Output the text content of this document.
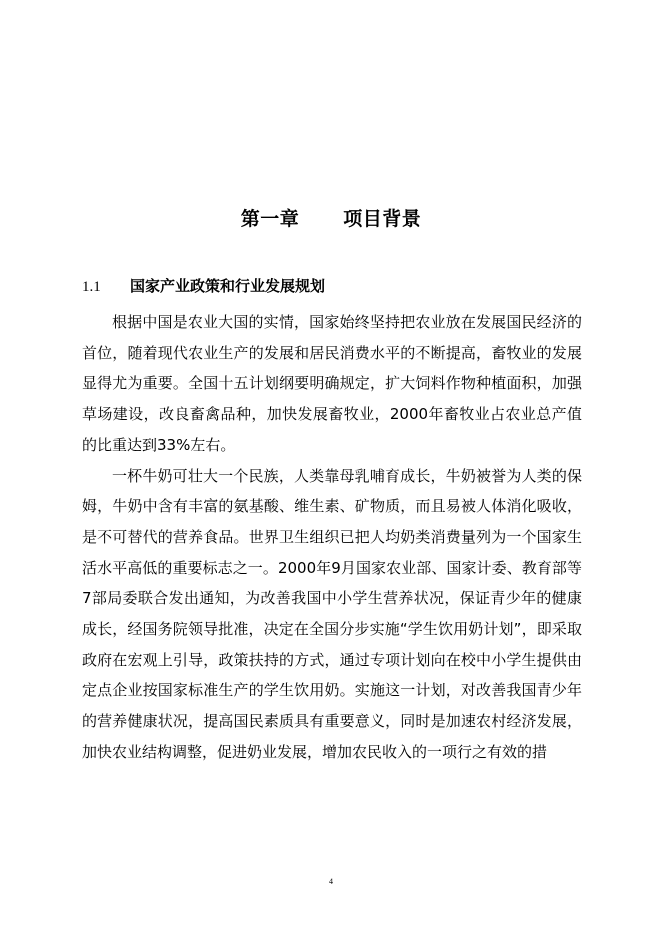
第一章 项目背景
1.1 国家产业政策和行业发展规划

根据中国是农业大国的实情，国家始终坚持把农业放在发展国民经济的首位，随着现代农业生产的发展和居民消费水平的不断提高，畜牧业的发展显得尤为重要。全国十五计划纲要明确规定，扩大饲料作物种植面积，加强草场建设，改良畜禽品种，加快发展畜牧业，2000年畜牧业占农业总产值的比重达到33%左右。

一杯牛奶可壮大一个民族，人类靠母乳哺育成长，牛奶被誉为人类的保姆，牛奶中含有丰富的氨基酸、维生素、矿物质，而且易被人体消化吸收，是不可替代的营养食品。世界卫生组织已把人均奶类消费量列为一个国家生活水平高低的重要标志之一。2000年9月国家农业部、国家计委、教育部等7部局委联合发出通知，为改善我国中小学生营养状况，保证青少年的健康成长，经国务院领导批准，决定在全国分步实施“学生饮用奶计划”，即采取政府在宏观上引导，政策扶持的方式，通过专项计划向在校中小学生提供由定点企业按国家标准生产的学生饮用奶。实施这一计划，对改善我国青少年的营养健康状况，提高国民素质具有重要意义，同时是加速农村经济发展，加快农业结构调整，促进奶业发展，增加农民收入的一项行之有效的措

4
